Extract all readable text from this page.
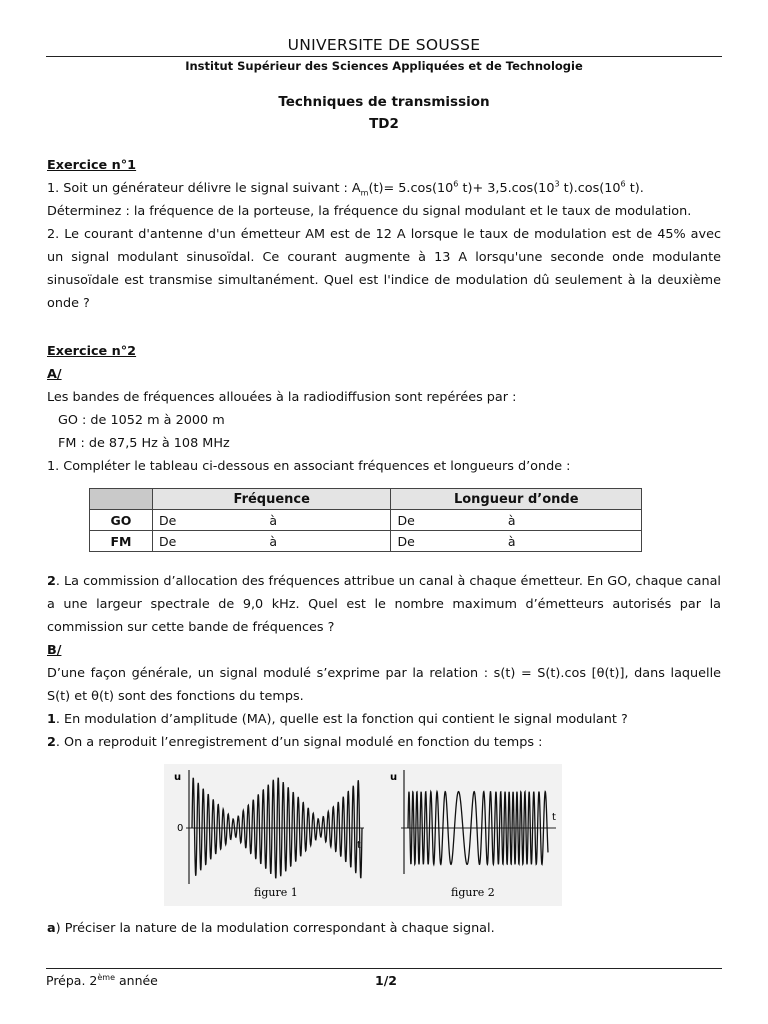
UNIVERSITE DE SOUSSE
Institut Supérieur des Sciences Appliquées et de Technologie
Techniques de transmission
TD2
Exercice n°1
1. Soit un générateur délivre le signal suivant : $A_m(t)= 5.\cos(10^6$ $t)+ 3,5.\cos(10^3$ $t).\cos(10^6$ t).
Déterminez : la fréquence de la porteuse, la fréquence du signal modulant et le taux de modulation.
2. Le courant d'antenne d'un émetteur AM est de 12 A lorsque le taux de modulation est de 45% avec un signal modulant sinusoïdal. Ce courant augmente à 13 A lorsqu'une seconde onde modulante sinusoïdale est transmise simultanément. Quel est l'indice de modulation dû seulement à la deuxième onde ?
Exercice n°2
A/
Les bandes de fréquences allouées à la radiodiffusion sont repérées par :
GO : de 1052 m à 2000 m
FM : de 87,5 Hz à 108 MHz
1. Compléter le tableau ci-dessous en associant fréquences et longueurs d’onde :
	Fréquence	Longueur d’onde
GO	De à	De à

FM	De à	De à
2. La commission d’allocation des fréquences attribue un canal à chaque émetteur. En GO, chaque canal a une largeur spectrale de 9,0 kHz. Quel est le nombre maximum d’émetteurs autorisés par la commission sur cette bande de fréquences ?
B/
D’une façon générale, un signal modulé s’exprime par la relation : s(t) = S(t).cos [θ(t)], dans laquelle S(t) et θ(t) sont des fonctions du temps.
1. En modulation d’amplitude (MA), quelle est la fonction qui contient le signal modulant ?
2. On a reproduit l’enregistrement d’un signal modulé en fonction du temps :
u
0
t
figure 1
u
t
figure 2
a) Préciser la nature de la modulation correspondant à chaque signal.
Prépa. 2ème année	1/2
